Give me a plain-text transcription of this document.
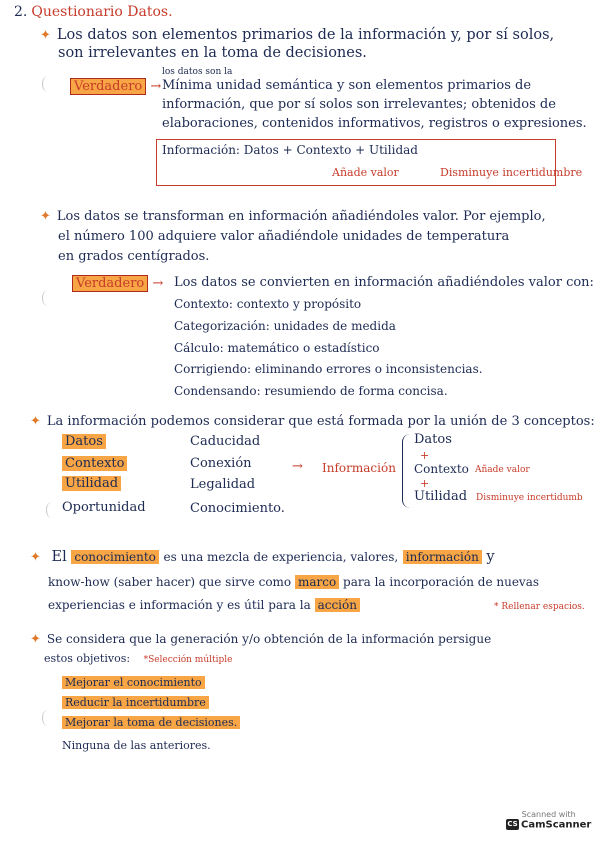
2. Questionario Datos.
✦ Los datos son elementos primarios de la información y, por sí solos,
son irrelevantes en la toma de decisiones.
Verdadero →
los datos son la
Mínima unidad semántica y son elementos primarios de
información, que por sí solos son irrelevantes; obtenidos de
elaboraciones, contenidos informativos, registros o expresiones.
Información: Datos + Contexto + Utilidad
Añade valor	Disminuye incertidumbre
✦ Los datos se transforman en información añadiéndoles valor. Por ejemplo,
el número 100 adquiere valor añadiéndole unidades de temperatura
en grados centígrados.
Verdadero → Los datos se convierten en información añadiéndoles valor con:
Contexto: contexto y propósito
Categorización: unidades de medida
Cálculo: matemático o estadístico
Corrigiendo: eliminando errores o inconsistencias.
Condensando: resumiendo de forma concisa.
✦ La información podemos considerar que está formada por la unión de 3 conceptos:
Datos
Contexto
Utilidad
Oportunidad
Caducidad
Conexión
Legalidad
Conocimiento.
→ Información
Datos
+
Contexto Añade valor
+
Utilidad Disminuye incertidumb
✦ El conocimiento es una mezcla de experiencia, valores, información y
know-how (saber hacer) que sirve como marco para la incorporación de nuevas
experiencias e información y es útil para la acción	* Rellenar espacios.
✦ Se considera que la generación y/o obtención de la información persigue
estos objetivos: *Selección múltiple
Mejorar el conocimiento
Reducir la incertidumbre
Mejorar la toma de decisiones.
Ninguna de las anteriores.
Scanned with
CS CamScanner
